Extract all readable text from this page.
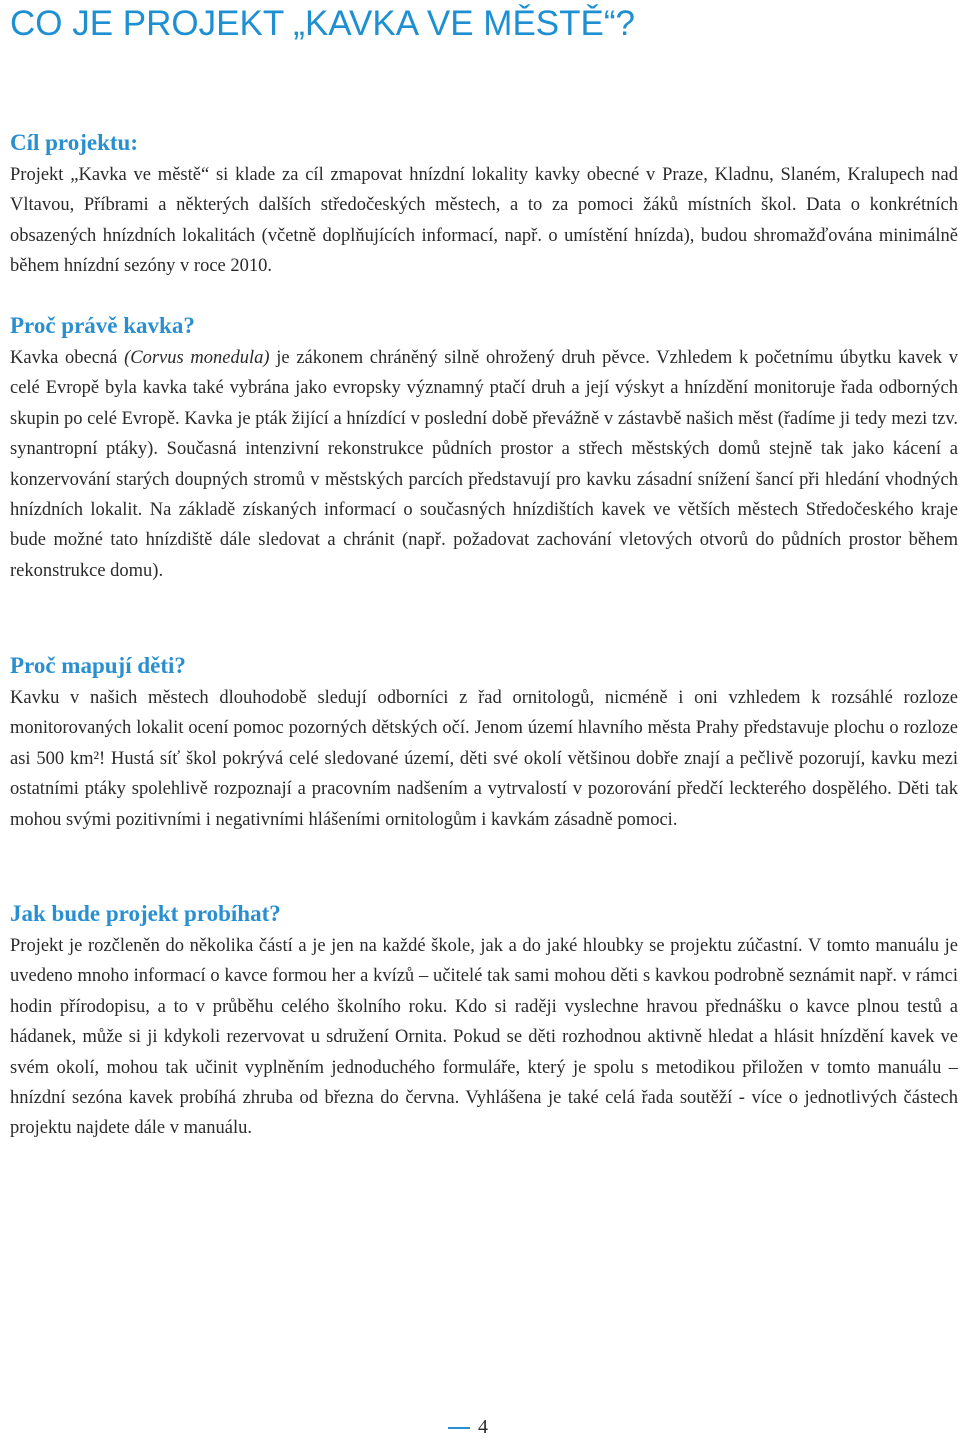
CO JE PROJEKT „KAVKA VE MĚSTĚ“?
Cíl projektu:

Projekt „Kavka ve městě“ si klade za cíl zmapovat hnízdní lokality kavky obecné v Praze, Kladnu, Slaném, Kralupech nad Vltavou, Příbrami a některých dalších středočeských městech, a to za pomoci žáků místních škol. Data o konkrétních obsazených hnízdních lokalitách (včetně doplňujících informací, např. o umístění hnízda), budou shromažďována minimálně během hnízdní sezóny v roce 2010.

Proč právě kavka?

Kavka obecná (Corvus monedula) je zákonem chráněný silně ohrožený druh pěvce. Vzhledem k početnímu úbytku kavek v celé Evropě byla kavka také vybrána jako evropsky významný ptačí druh a její výskyt a hnízdění monitoruje řada odborných skupin po celé Evropě. Kavka je pták žijící a hnízdící v poslední době převážně v zástavbě našich měst (řadíme ji tedy mezi tzv. synantropní ptáky). Současná intenzivní rekonstrukce půdních prostor a střech městských domů stejně tak jako kácení a konzervování starých doupných stromů v městských parcích představují pro kavku zásadní snížení šancí při hledání vhodných hnízdních lokalit. Na základě získaných informací o současných hnízdištích kavek ve větších městech Středočeského kraje bude možné tato hnízdiště dále sledovat a chránit (např. požadovat zachování vletových otvorů do půdních prostor během rekonstrukce domu).

Proč mapují děti?

Kavku v našich městech dlouhodobě sledují odborníci z řad ornitologů, nicméně i oni vzhledem k rozsáhlé rozloze monitorovaných lokalit ocení pomoc pozorných dětských očí. Jenom území hlavního města Prahy představuje plochu o rozloze asi 500 km²! Hustá síť škol pokrývá celé sledované území, děti své okolí většinou dobře znají a pečlivě pozorují, kavku mezi ostatními ptáky spolehlivě rozpoznají a pracovním nadšením a vytrvalostí v pozorování předčí leckterého dospělého. Děti tak mohou svými pozitivními i negativními hlášeními ornitologům i kavkám zásadně pomoci.

Jak bude projekt probíhat?

Projekt je rozčleněn do několika částí a je jen na každé škole, jak a do jaké hloubky se projektu zúčastní. V tomto manuálu je uvedeno mnoho informací o kavce formou her a kvízů – učitelé tak sami mohou děti s kavkou podrobně seznámit např. v rámci hodin přírodopisu, a to v průběhu celého školního roku. Kdo si raději vyslechne hravou přednášku o kavce plnou testů a hádanek, může si ji kdykoli rezervovat u sdružení Ornita. Pokud se děti rozhodnou aktivně hledat a hlásit hnízdění kavek ve svém okolí, mohou tak učinit vyplněním jednoduchého formuláře, který je spolu s metodikou přiložen v tomto manuálu – hnízdní sezóna kavek probíhá zhruba od března do června. Vyhlášena je také celá řada soutěží - více o jednotlivých částech projektu najdete dále v manuálu.

4
